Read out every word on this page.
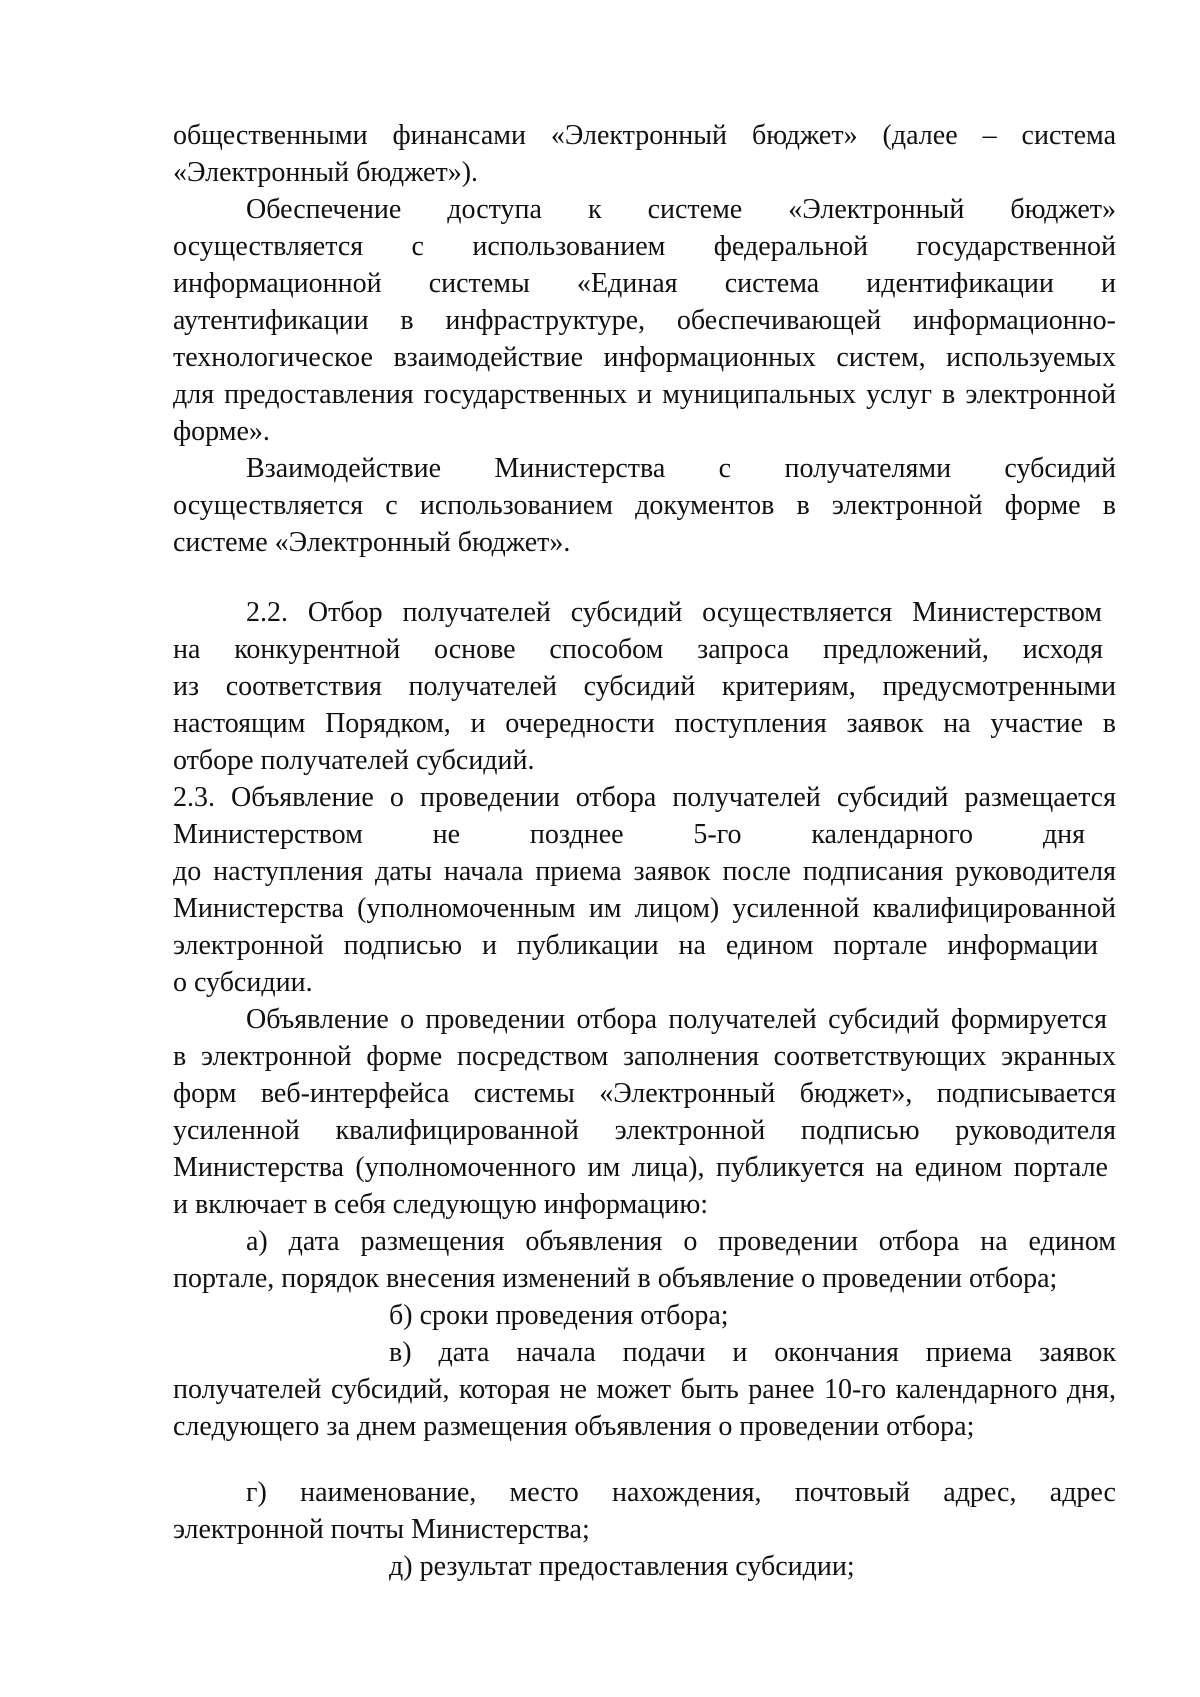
общественными финансами «Электронный бюджет» (далее – система
«Электронный бюджет»).
Обеспечение доступа к системе «Электронный бюджет»
осуществляется с использованием федеральной государственной
информационной системы «Единая система идентификации и
аутентификации в инфраструктуре, обеспечивающей информационно-
технологическое взаимодействие информационных систем, используемых
для предоставления государственных и муниципальных услуг в электронной
форме».
Взаимодействие Министерства с получателями субсидий
осуществляется с использованием документов в электронной форме в
системе «Электронный бюджет».
2.2. Отбор получателей субсидий осуществляется Министерством
на конкурентной основе способом запроса предложений, исходя
из соответствия получателей субсидий критериям, предусмотренными
настоящим Порядком, и очередности поступления заявок на участие в
отборе получателей субсидий.
2.3. Объявление о проведении отбора получателей субсидий размещается
Министерством не позднее 5-го календарного дня
до наступления даты начала приема заявок после подписания руководителя
Министерства (уполномоченным им лицом) усиленной квалифицированной
электронной подписью и публикации на едином портале информации
о субсидии.
Объявление о проведении отбора получателей субсидий формируется
в электронной форме посредством заполнения соответствующих экранных
форм веб-интерфейса системы «Электронный бюджет», подписывается
усиленной квалифицированной электронной подписью руководителя
Министерства (уполномоченного им лица), публикуется на едином портале
и включает в себя следующую информацию:
а) дата размещения объявления о проведении отбора на едином
портале, порядок внесения изменений в объявление о проведении отбора;
б) сроки проведения отбора;
в) дата начала подачи и окончания приема заявок
получателей субсидий, которая не может быть ранее 10-го календарного дня,
следующего за днем размещения объявления о проведении отбора;
г) наименование, место нахождения, почтовый адрес, адрес
электронной почты Министерства;
д) результат предоставления субсидии;
